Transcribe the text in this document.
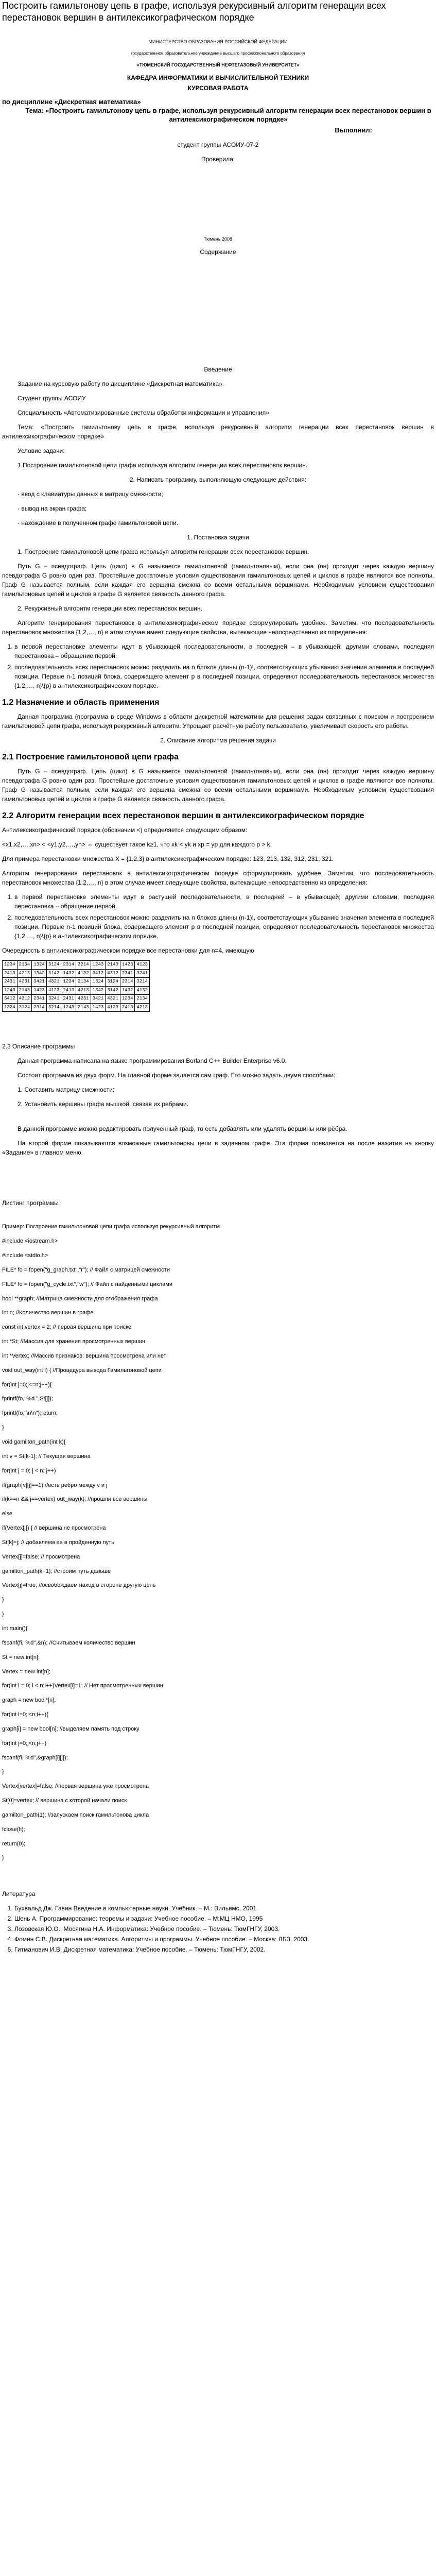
Построить гамильтонову цепь в графе, используя рекурсивный алгоритм генерации всех перестановок вершин в антилексикографическом порядке

МИНИСТЕРСТВО ОБРАЗОВАНИЯ РОССИЙСКОЙ ФЕДЕРАЦИИ

государственное образовательное учреждение высшего профессионального образования

«ТЮМЕНСКИЙ ГОСУДАРСТВЕННЫЙ НЕФТЕГАЗОВЫЙ УНИВЕРСИТЕТ»

КАФЕДРА ИНФОРМАТИКИ И ВЫЧИСЛИТЕЛЬНОЙ ТЕХНИКИ

КУРСОВАЯ РАБОТА

по дисциплине «Дискретная математика»

Тема: «Построить гамильтонову цепь в графе, используя рекурсивный алгоритм генерации всех перестановок вершин в антилексикографическом порядке»

Выполнил:

студент группы АСОИУ-07-2

Проверила:

Тюмень 2008

Содержание

Введение

Задание на курсовую работу по дисциплине «Дискретная математика».

Студент группы АСОИУ

Специальность «Автоматизированные системы обработки информации и управления»

Тема: «Построить гамильтонову цепь в графе, используя рекурсивный алгоритм генерации всех перестановок вершин в антилексикографическом порядке»

Условие задачи:

1.Построение гамильтоновой цепи графа используя алгоритм генерации всех перестановок вершин.

2. Написать программу, выполняющую следующие действия:

- ввод с клавиатуры данных в матрицу смежности;

- вывод на экран графа;

- нахождение в полученном графе гамильтоновой цепи.

1. Постановка задачи

1. Построение гамильтоновой цепи графа используя алгоритм генерации всех перестановок вершин.

Путь G – псевдограф. Цепь (цикл) в G называется гамильтоновой (гамильтоновым), если она (он) проходит через каждую вершину псевдографа G ровно один раз. Простейшие достаточные условия существования гамильтоновых цепей и циклов в графе являются все полноты. Граф G называется полным, если каждая его вершина смежна со всеми остальными вершинами. Необходимым условием существования гамильтоновых цепей и циклов в графе G является связность данного графа.

2. Рекурсивный алгоритм генерации всех перестановок вершин.

Алгоритм генерирования перестановок в антилексикографическом порядке сформулировать удобнее. Заметим, что последовательность перестановок множества {1,2,…, n} в этом случае имеет следующие свойства, вытекающие непосредственно из определения:

1. в первой перестановке элементы идут в убывающей последовательности, в последней – в убывающей; другими словами, последняя перестановка – обращение первой.
2. последовательность всех перестановок можно разделить на n блоков длины (n-1)!, соответствующих убыванию значения элемента в последней позиции. Первые n-1 позиций блока, содержащего элемент p в последней позиции, определяют последовательность перестановок множества {1,2,…, n}\{p} в антилексикографическом порядке.
1.2 Назначение и область применения

Данная программа (программа в среде Windows в области дискретной математики для решения задач связанных с поиском и построением гамильтоновой цепи графа, используя рекурсивный алгоритм. Упрощает расчётную работу пользователю, увеличивает скорость его работы.

2. Описание алгоритма решения задачи

2.1 Построение гамильтоновой цепи графа

Путь G – псевдограф. Цепь (цикл) в G называется гамильтоновой (гамильтоновым), если она (он) проходит через каждую вершину псевдографа G ровно один раз. Простейшие достаточные условия существования гамильтоновых цепей и циклов в графе являются все полноты. Граф G называется полным, если каждая его вершина смежна со всеми остальными вершинами. Необходимым условием существования гамильтоновых цепей и циклов в графе G является связность данного графа.

2.2 Алгоритм генерации всех перестановок вершин в антилексикографическом порядке

Антилексикографический порядок (обозначим <) определяется следующим образом:

<x1,x2,…,xn> < <y1,y2,…,yn> ⇔ существует такое k≥1, что xk < yk и xp = yp для каждого p > k.

Для примера перестановки множества X = {1,2,3} в антилексикографическом порядке: 123, 213, 132, 312, 231, 321.

Алгоритм генерирования перестановок в антилексикографическом порядке сформулировать удобнее. Заметим, что последовательность перестановок множества {1,2,…, n} в этом случае имеет следующие свойства, вытекающие непосредственно из определения:

1. в первой перестановке элементы идут в растущей последовательности, в последней – в убывающей; другими словами, последняя перестановка – обращение первой.
2. последовательность всех перестановок можно разделить на n блоков длины (n-1)!, соответствующих убыванию значения элемента в последней позиции. Первые n-1 позиций блока, содержащего элемент p в последней позиции, определяют последовательность перестановок множества {1,2,…, n}\{p} в антилексикографическом порядке.

Очередность в антилексикографическом порядке все перестановки для n=4, имеющую

1234	2134	1324	3124	2314	3214	1243	2143	1423	4123
2413	4213	1342	3142	1432	4132	3412	4312	2341	3241
2431	4231	3421	4321	1234	2134	1324	3124	2314	3214
1243	2143	1423	4123	2413	4213	1342	3142	1432	4132
3412	4312	2341	3241	2431	4231	3421	4321	1234	2134
1324	3124	2314	3214	1243	2143	1423	4123	2413	4213

2.3 Описание программы

Данная программа написана на языке программирования Borland C++ Builder Enterprise v6.0.

Состоит программа из двух форм. На главной форме задается сам граф. Его можно задать двумя способами:

1. Составить матрицу смежности;

2. Установить вершины графа мышкой, связав их ребрами.

В данной программе можно редактировать полученный граф, то есть добавлять или удалять вершины или рёбра.

На второй форме показываются возможные гамильтоновы цепи в заданном графе. Эта форма появляется на после нажатия на кнопку «Задание» в главном меню.

Листинг программы

Пример: Построение гамильтоновой цепи графа используя рекурсивный алгоритм

#include <iostream.h>

#include <stdio.h>

FILE* fo = fopen("g_graph.txt","r"); // Файл с матрицей смежности

FILE* fo = fopen("g_cycle.txt","w"); // Файл с найденными циклами

bool **graph; //Матрица смежности для отображения графа

int n; //Количество вершин в графе

const int vertex = 2; // первая вершина при поиске

int *St; //Массив для хранения просмотренных вершин

int *Vertex; //Массив признаков: вершина просмотрена или нет

void out_way(int i) { //Процедура вывода Гамильтоновой цепи

for(int j=0;j<=n;j++){

fprintf(fo,"%d ",St[j]);

fprintf(fo,"\n\n");return;

}

void gamilton_path(int k){

int v = St[k-1]; // Текущая вершина

for(int j = 0; j < n; j++)

if(graph[v][j]==1) //есть ребро между v и j

if(k==n && j==vertex) out_way(k); //прошли все вершины

else

if(Vertex[j]) { // вершина не просмотрена

St[k]=j; // добавляем ее в пройденную путь

Vertex[j]=false; // просмотрена

gamilton_path(k+1); //строим путь дальше

Vertex[j]=true; //освобождаем наход в стороне другую цепь

}

}

int main(){

fscanf(fi,"%d",&n); //Считываем количество вершин

St = new int[n];

Vertex = new int[n];

for(int i = 0; i < n;i++)Vertex[i]=1; // Нет просмотренных вершин

graph = new bool*[n];

for(int i=0;i<n;i++){

graph[i] = new bool[n]; //выделяем память под строку

for(int j=0;j<n;j++)

fscanf(fi,"%d",&graph[i][j]);

}

Vertex[vertex]=false; //первая вершина уже просмотрена

St[0]=vertex; // вершина с которой начали поиск

gamilton_path(1); //запускаем поиск гамильтонова цикла

fclose(fi);

return(0);

}

Литература

1. Бухвальд Дж. Гэвин Введение в компьютерные науки. Учебник. – М.: Вильямс, 2001
2. Шень А. Программирование: теоремы и задачи: Учебное пособие. – М:МЦ НМО, 1995
3. Лозовская Ю.О., Мосягина Н.А. Информатика: Учебное пособие. – Тюмень: ТюмГНГУ, 2003.
4. Фомин С.В. Дискретная математика. Алгоритмы и программы. Учебное пособие. – Москва: ЛБЗ, 2003.
5. Гитманович И.В. Дискретная математика: Учебное пособие. – Тюмень: ТюмГНГУ, 2002.
